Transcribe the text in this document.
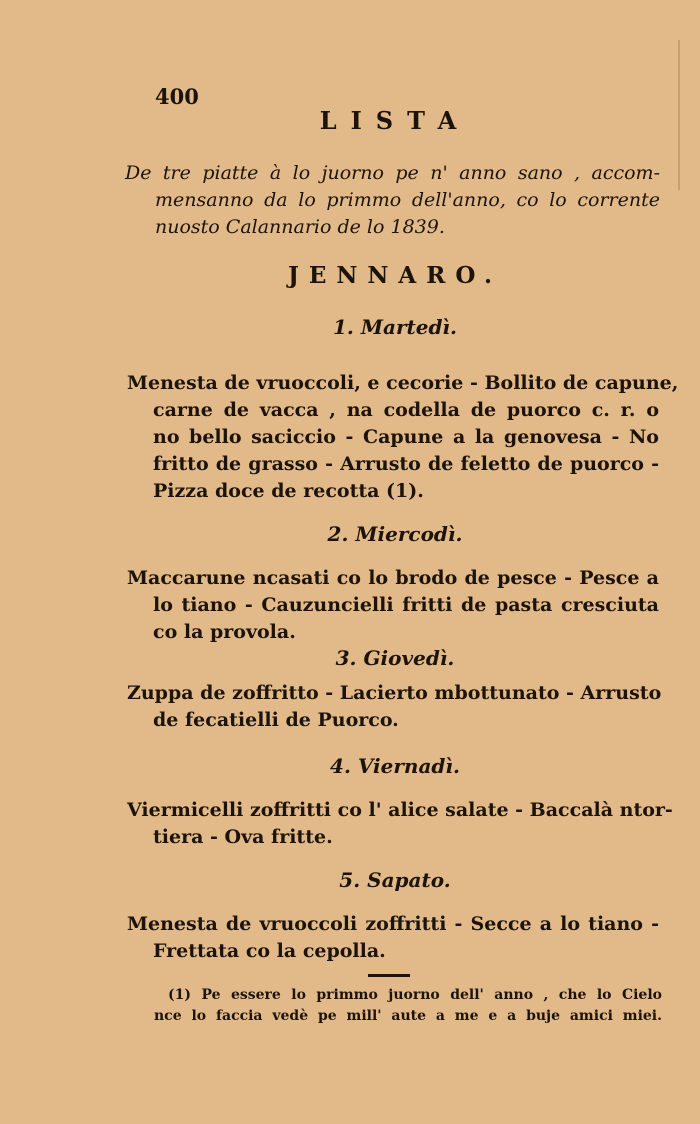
400
LISTA
De tre piatte à lo juorno pe n' anno sano , accom-
mensanno da lo primmo dell'anno, co lo corrente
nuosto Calannario de lo 1839.
JENNARO.
1. Martedì.
Menesta de vruoccoli, e cecorie - Bollito de capune,
carne de vacca , na codella de puorco c. r. o
no bello saciccio - Capune a la genovesa - No
fritto de grasso - Arrusto de feletto de puorco -
Pizza doce de recotta (1).
2. Miercodì.
Maccarune ncasati co lo brodo de pesce - Pesce a
lo tiano - Cauzuncielli fritti de pasta cresciuta
co la provola.
3. Giovedì.
Zuppa de zoffritto - Lacierto mbottunato - Arrusto
de fecatielli de Puorco.
4. Viernadì.
Viermicelli zoffritti co l' alice salate - Baccalà ntor-
tiera - Ova fritte.
5. Sapato.
Menesta de vruoccoli zoffritti - Secce a lo tiano -
Frettata co la cepolla.
(1) Pe essere lo primmo juorno dell' anno , che lo Cielo
nce lo faccia vedè pe mill' aute a me e a buje amici miei.
